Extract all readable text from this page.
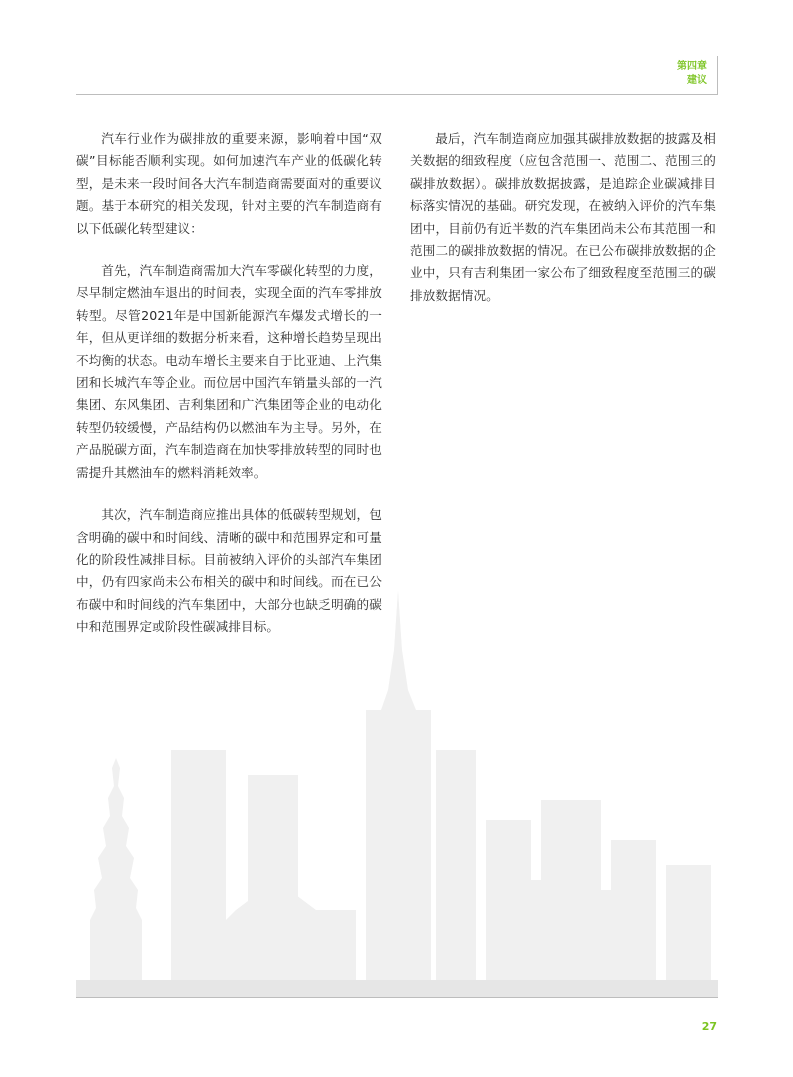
第四章
建议

汽车行业作为碳排放的重要来源，影响着中国“双碳”目标能否顺利实现。如何加速汽车产业的低碳化转型，是未来一段时间各大汽车制造商需要面对的重要议题。基于本研究的相关发现，针对主要的汽车制造商有以下低碳化转型建议：

首先，汽车制造商需加大汽车零碳化转型的力度，尽早制定燃油车退出的时间表，实现全面的汽车零排放转型。尽管2021年是中国新能源汽车爆发式增长的一年，但从更详细的数据分析来看，这种增长趋势呈现出不均衡的状态。电动车增长主要来自于比亚迪、上汽集团和长城汽车等企业。而位居中国汽车销量头部的一汽集团、东风集团、吉利集团和广汽集团等企业的电动化转型仍较缓慢，产品结构仍以燃油车为主导。另外，在产品脱碳方面，汽车制造商在加快零排放转型的同时也需提升其燃油车的燃料消耗效率。

其次，汽车制造商应推出具体的低碳转型规划，包含明确的碳中和时间线、清晰的碳中和范围界定和可量化的阶段性减排目标。目前被纳入评价的头部汽车集团中，仍有四家尚未公布相关的碳中和时间线。而在已公布碳中和时间线的汽车集团中，大部分也缺乏明确的碳中和范围界定或阶段性碳减排目标。

最后，汽车制造商应加强其碳排放数据的披露及相关数据的细致程度（应包含范围一、范围二、范围三的碳排放数据）。碳排放数据披露，是追踪企业碳减排目标落实情况的基础。研究发现，在被纳入评价的汽车集团中，目前仍有近半数的汽车集团尚未公布其范围一和范围二的碳排放数据的情况。在已公布碳排放数据的企业中，只有吉利集团一家公布了细致程度至范围三的碳排放数据情况。

27
